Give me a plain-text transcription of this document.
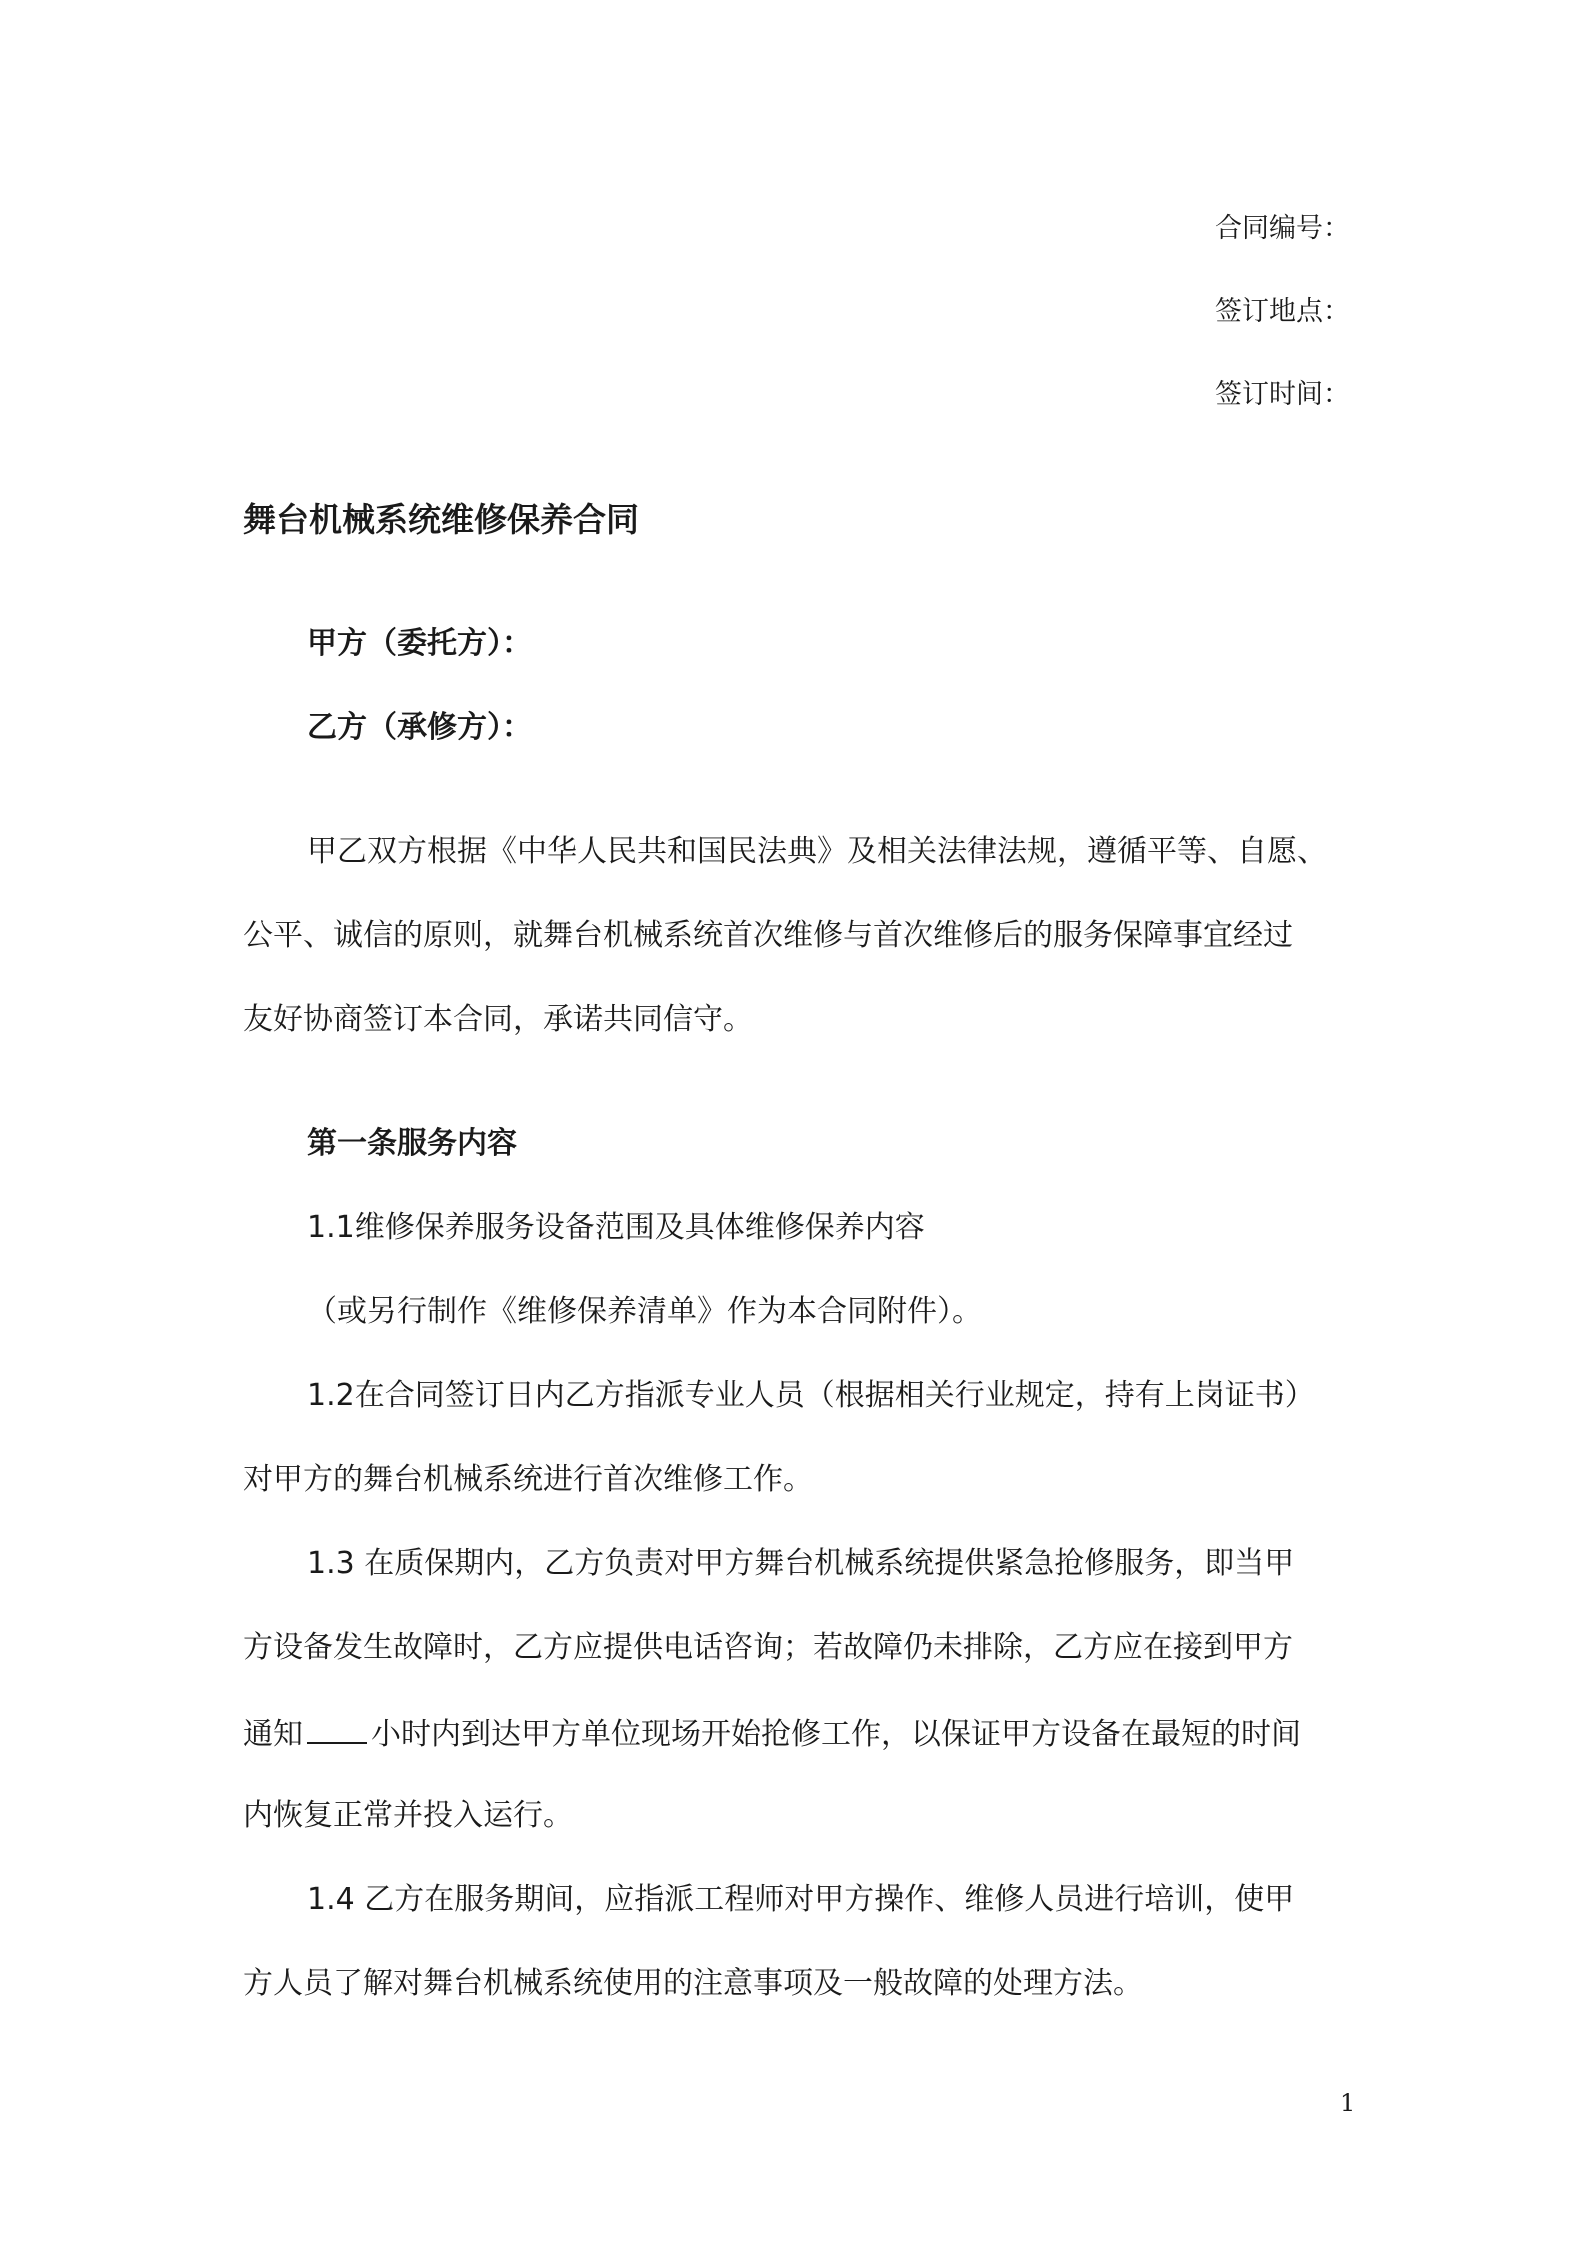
合同编号：
签订地点：
签订时间：
舞台机械系统维修保养合同
甲方（委托方）：
乙方（承修方）：
甲乙双方根据《中华人民共和国民法典》及相关法律法规，遵循平等、自愿、
公平、诚信的原则，就舞台机械系统首次维修与首次维修后的服务保障事宜经过
友好协商签订本合同，承诺共同信守。
第一条服务内容
1.1维修保养服务设备范围及具体维修保养内容
（或另行制作《维修保养清单》作为本合同附件）。
1.2在合同签订日内乙方指派专业人员（根据相关行业规定，持有上岗证书）
对甲方的舞台机械系统进行首次维修工作。
1.3 在质保期内，乙方负责对甲方舞台机械系统提供紧急抢修服务，即当甲
方设备发生故障时，乙方应提供电话咨询；若故障仍未排除，乙方应在接到甲方
通知 小时内到达甲方单位现场开始抢修工作，以保证甲方设备在最短的时间
内恢复正常并投入运行。
1.4 乙方在服务期间，应指派工程师对甲方操作、维修人员进行培训，使甲
方人员了解对舞台机械系统使用的注意事项及一般故障的处理方法。
1
